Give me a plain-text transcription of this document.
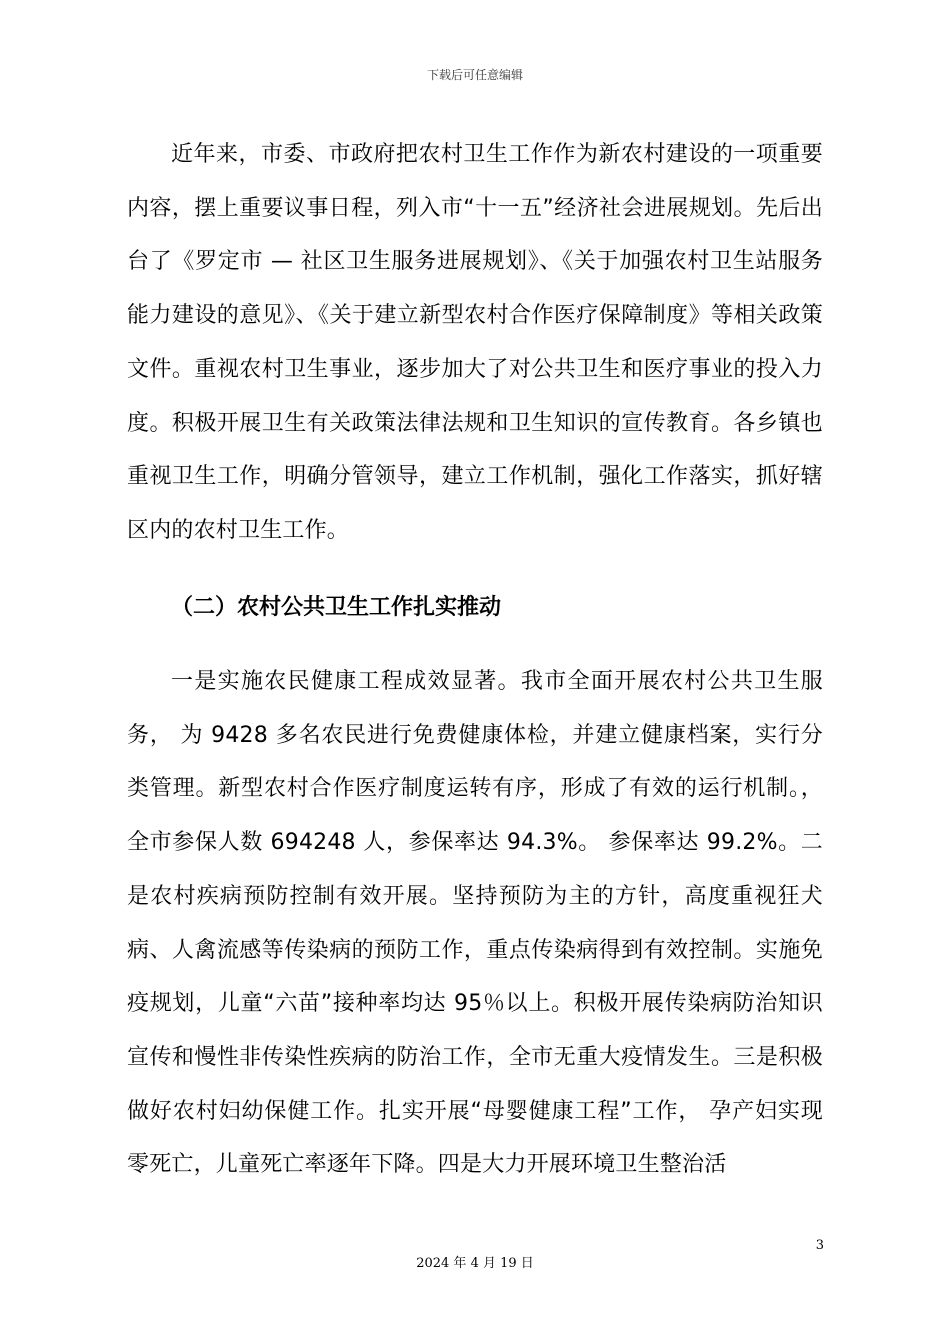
下载后可任意编辑

近年来，市委、市政府把农村卫生工作作为新农村建设的一项重要内容，摆上重要议事日程，列入市“十一五”经济社会进展规划。先后出台了《罗定市 — 社区卫生服务进展规划》、《关于加强农村卫生站服务能力建设的意见》、《关于建立新型农村合作医疗保障制度》等相关政策文件。重视农村卫生事业，逐步加大了对公共卫生和医疗事业的投入力度。积极开展卫生有关政策法律法规和卫生知识的宣传教育。各乡镇也重视卫生工作，明确分管领导，建立工作机制，强化工作落实，抓好辖区内的农村卫生工作。

（二）农村公共卫生工作扎实推动

一是实施农民健康工程成效显著。我市全面开展农村公共卫生服务， 为 9428 多名农民进行免费健康体检，并建立健康档案，实行分类管理。新型农村合作医疗制度运转有序，形成了有效的运行机制。，全市参保人数 694248 人，参保率达 94.3%。 参保率达 99.2%。二是农村疾病预防控制有效开展。坚持预防为主的方针，高度重视狂犬病、人禽流感等传染病的预防工作，重点传染病得到有效控制。实施免疫规划，儿童“六苗”接种率均达 95％以上。积极开展传染病防治知识宣传和慢性非传染性疾病的防治工作，全市无重大疫情发生。三是积极做好农村妇幼保健工作。扎实开展“母婴健康工程”工作， 孕产妇实现零死亡，儿童死亡率逐年下降。四是大力开展环境卫生整治活

3
2024 年 4 月 19 日
